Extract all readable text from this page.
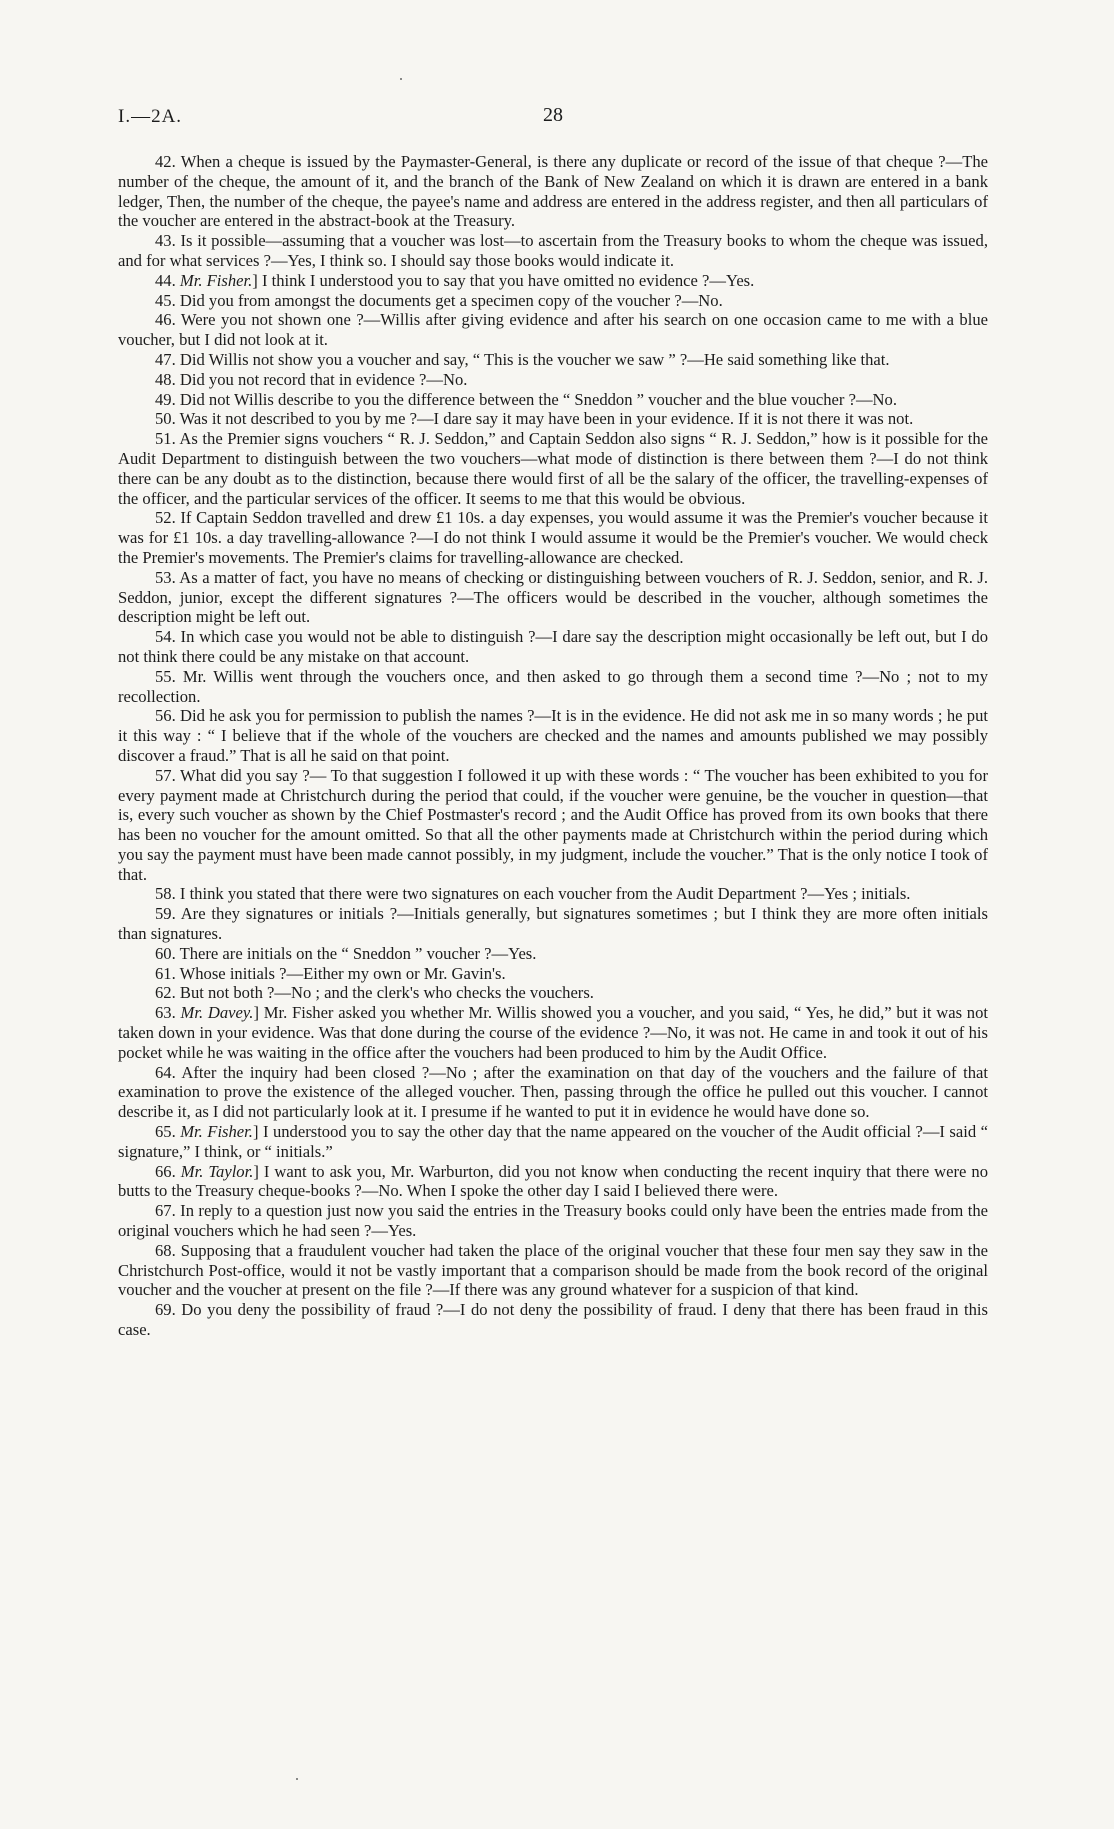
I.—2A.	28

42. When a cheque is issued by the Paymaster-General, is there any duplicate or record of the issue of that cheque ?—The number of the cheque, the amount of it, and the branch of the Bank of New Zealand on which it is drawn are entered in a bank ledger, Then, the number of the cheque, the payee's name and address are entered in the address register, and then all particulars of the voucher are entered in the abstract-book at the Treasury.

43. Is it possible—assuming that a voucher was lost—to ascertain from the Treasury books to whom the cheque was issued, and for what services ?—Yes, I think so. I should say those books would indicate it.

44. Mr. Fisher.] I think I understood you to say that you have omitted no evidence ?—Yes.

45. Did you from amongst the documents get a specimen copy of the voucher ?—No.

46. Were you not shown one ?—Willis after giving evidence and after his search on one occasion came to me with a blue voucher, but I did not look at it.

47. Did Willis not show you a voucher and say, “ This is the voucher we saw ” ?—He said something like that.

48. Did you not record that in evidence ?—No.

49. Did not Willis describe to you the difference between the “ Sneddon ” voucher and the blue voucher ?—No.

50. Was it not described to you by me ?—I dare say it may have been in your evidence. If it is not there it was not.

51. As the Premier signs vouchers “ R. J. Seddon,” and Captain Seddon also signs “ R. J. Seddon,” how is it possible for the Audit Department to distinguish between the two vouchers—what mode of distinction is there between them ?—I do not think there can be any doubt as to the distinction, because there would first of all be the salary of the officer, the travelling-expenses of the officer, and the particular services of the officer. It seems to me that this would be obvious.

52. If Captain Seddon travelled and drew £1 10s. a day expenses, you would assume it was the Premier's voucher because it was for £1 10s. a day travelling-allowance ?—I do not think I would assume it would be the Premier's voucher. We would check the Premier's movements. The Premier's claims for travelling-allowance are checked.

53. As a matter of fact, you have no means of checking or distinguishing between vouchers of R. J. Seddon, senior, and R. J. Seddon, junior, except the different signatures ?—The officers would be described in the voucher, although sometimes the description might be left out.

54. In which case you would not be able to distinguish ?—I dare say the description might occasionally be left out, but I do not think there could be any mistake on that account.

55. Mr. Willis went through the vouchers once, and then asked to go through them a second time ?—No ; not to my recollection.

56. Did he ask you for permission to publish the names ?—It is in the evidence. He did not ask me in so many words ; he put it this way : “ I believe that if the whole of the vouchers are checked and the names and amounts published we may possibly discover a fraud.” That is all he said on that point.

57. What did you say ?— To that suggestion I followed it up with these words : “ The voucher has been exhibited to you for every payment made at Christchurch during the period that could, if the voucher were genuine, be the voucher in question—that is, every such voucher as shown by the Chief Postmaster's record ; and the Audit Office has proved from its own books that there has been no voucher for the amount omitted. So that all the other payments made at Christchurch within the period during which you say the payment must have been made cannot possibly, in my judgment, include the voucher.” That is the only notice I took of that.

58. I think you stated that there were two signatures on each voucher from the Audit Department ?—Yes ; initials.

59. Are they signatures or initials ?—Initials generally, but signatures sometimes ; but I think they are more often initials than signatures.

60. There are initials on the “ Sneddon ” voucher ?—Yes.

61. Whose initials ?—Either my own or Mr. Gavin's.

62. But not both ?—No ; and the clerk's who checks the vouchers.

63. Mr. Davey.] Mr. Fisher asked you whether Mr. Willis showed you a voucher, and you said, “ Yes, he did,” but it was not taken down in your evidence. Was that done during the course of the evidence ?—No, it was not. He came in and took it out of his pocket while he was waiting in the office after the vouchers had been produced to him by the Audit Office.

64. After the inquiry had been closed ?—No ; after the examination on that day of the vouchers and the failure of that examination to prove the existence of the alleged voucher. Then, passing through the office he pulled out this voucher. I cannot describe it, as I did not particularly look at it. I presume if he wanted to put it in evidence he would have done so.

65. Mr. Fisher.] I understood you to say the other day that the name appeared on the voucher of the Audit official ?—I said “ signature,” I think, or “ initials.”

66. Mr. Taylor.] I want to ask you, Mr. Warburton, did you not know when conducting the recent inquiry that there were no butts to the Treasury cheque-books ?—No. When I spoke the other day I said I believed there were.

67. In reply to a question just now you said the entries in the Treasury books could only have been the entries made from the original vouchers which he had seen ?—Yes.

68. Supposing that a fraudulent voucher had taken the place of the original voucher that these four men say they saw in the Christchurch Post-office, would it not be vastly important that a comparison should be made from the book record of the original voucher and the voucher at present on the file ?—If there was any ground whatever for a suspicion of that kind.

69. Do you deny the possibility of fraud ?—I do not deny the possibility of fraud. I deny that there has been fraud in this case.
